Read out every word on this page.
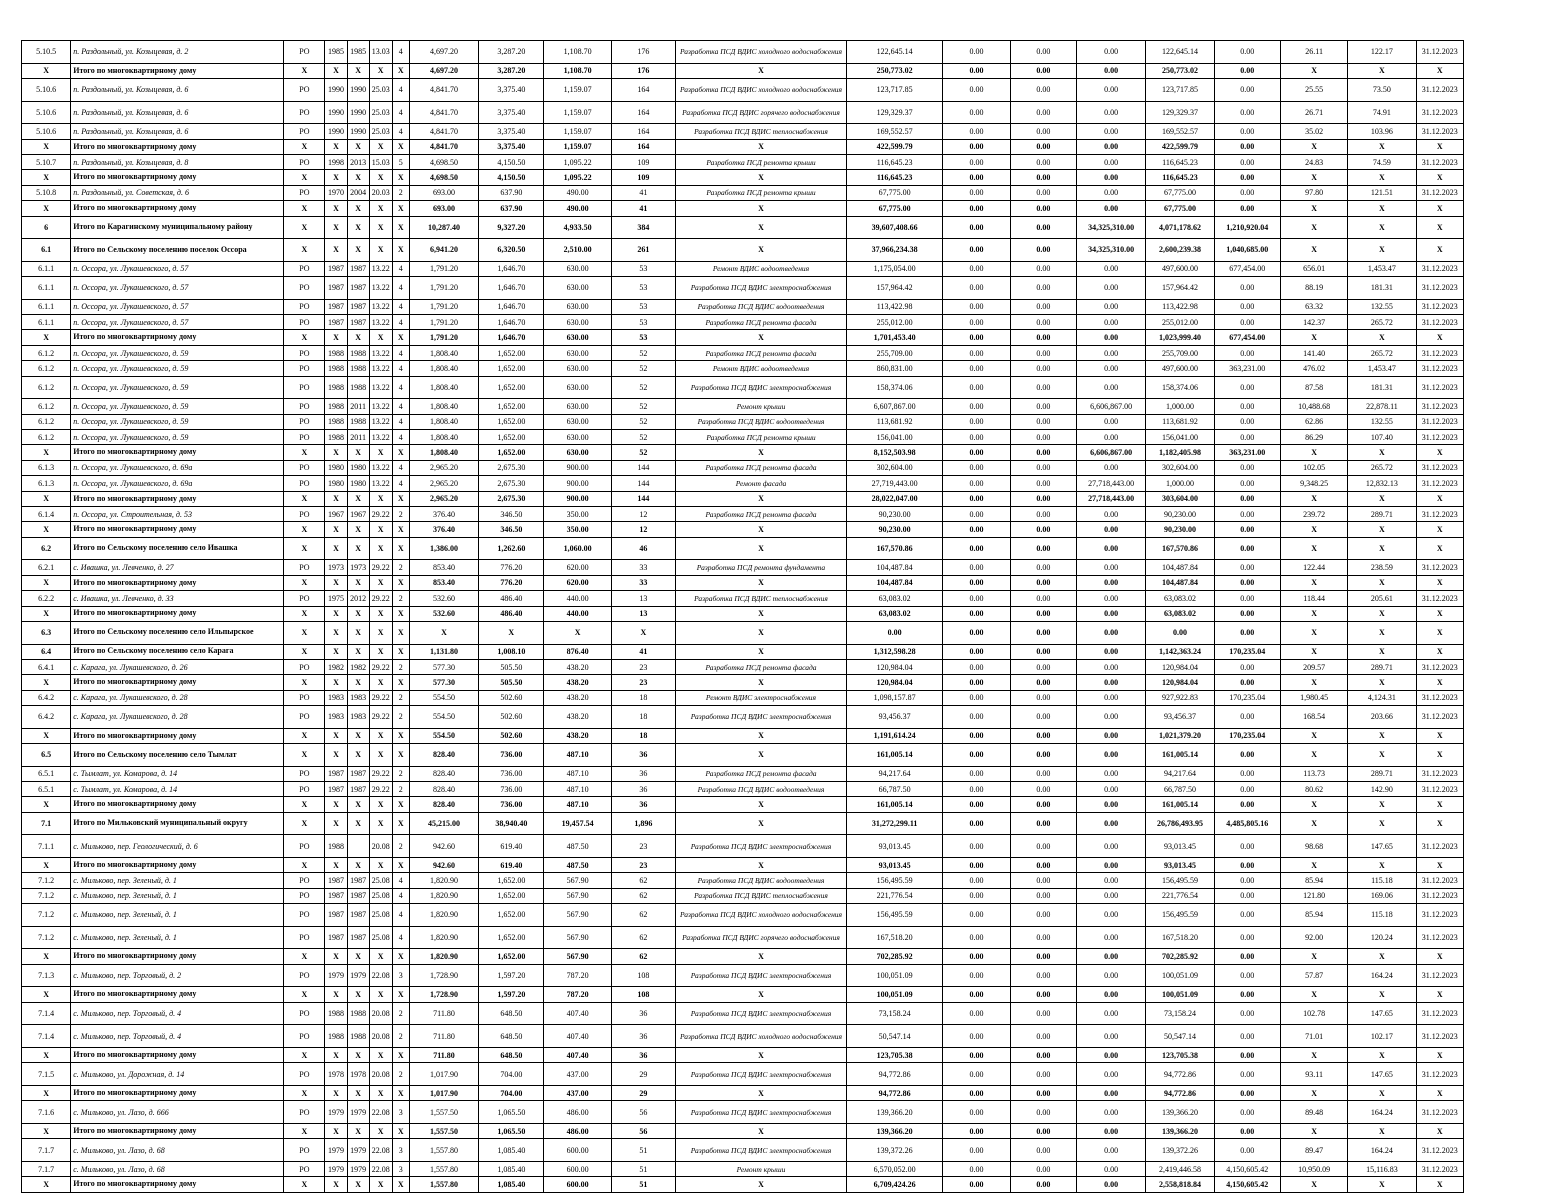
5.10.5	п. Раздольный, ул. Козыцевая, д. 2	РО	1985	1985	13.03	4	4,697.20	3,287.20	1,108.70	176	Разработка ПСД ВДИС холодного водоснабжения	122,645.14	0.00	0.00	0.00	122,645.14	0.00	26.11	122.17	31.12.2023
X	Итого по многоквартирному дому	X	X	X	X	X	4,697.20	3,287.20	1,108.70	176	X	250,773.02	0.00	0.00	0.00	250,773.02	0.00	X	X	X
5.10.6	п. Раздольный, ул. Козыцевая, д. 6	РО	1990	1990	25.03	4	4,841.70	3,375.40	1,159.07	164	Разработка ПСД ВДИС холодного водоснабжения	123,717.85	0.00	0.00	0.00	123,717.85	0.00	25.55	73.50	31.12.2023
5.10.6	п. Раздольный, ул. Козыцевая, д. 6	РО	1990	1990	25.03	4	4,841.70	3,375.40	1,159.07	164	Разработка ПСД ВДИС горячего водоснабжения	129,329.37	0.00	0.00	0.00	129,329.37	0.00	26.71	74.91	31.12.2023
5.10.6	п. Раздольный, ул. Козыцевая, д. 6	РО	1990	1990	25.03	4	4,841.70	3,375.40	1,159.07	164	Разработка ПСД ВДИС теплоснабжения	169,552.57	0.00	0.00	0.00	169,552.57	0.00	35.02	103.96	31.12.2023
X	Итого по многоквартирному дому	X	X	X	X	X	4,841.70	3,375.40	1,159.07	164	X	422,599.79	0.00	0.00	0.00	422,599.79	0.00	X	X	X
5.10.7	п. Раздольный, ул. Козыцевая, д. 8	РО	1998	2013	15.03	5	4,698.50	4,150.50	1,095.22	109	Разработка ПСД ремонта крыши	116,645.23	0.00	0.00	0.00	116,645.23	0.00	24.83	74.59	31.12.2023
X	Итого по многоквартирному дому	X	X	X	X	X	4,698.50	4,150.50	1,095.22	109	X	116,645.23	0.00	0.00	0.00	116,645.23	0.00	X	X	X
5.10.8	п. Раздольный, ул. Советская, д. 6	РО	1970	2004	20.03	2	693.00	637.90	490.00	41	Разработка ПСД ремонта крыши	67,775.00	0.00	0.00	0.00	67,775.00	0.00	97.80	121.51	31.12.2023
X	Итого по многоквартирному дому	X	X	X	X	X	693.00	637.90	490.00	41	X	67,775.00	0.00	0.00	0.00	67,775.00	0.00	X	X	X
6	Итого по Карагинскому муниципальному району	X	X	X	X	X	10,287.40	9,327.20	4,933.50	384	X	39,607,408.66	0.00	0.00	34,325,310.00	4,071,178.62	1,210,920.04	X	X	X
6.1	Итого по Сельскому поселению поселок Оссора	X	X	X	X	X	6,941.20	6,320.50	2,510.00	261	X	37,966,234.38	0.00	0.00	34,325,310.00	2,600,239.38	1,040,685.00	X	X	X
6.1.1	п. Оссора, ул. Лукашевского, д. 57	РО	1987	1987	13.22	4	1,791.20	1,646.70	630.00	53	Ремонт ВДИС водоотведения	1,175,054.00	0.00	0.00	0.00	497,600.00	677,454.00	656.01	1,453.47	31.12.2023
6.1.1	п. Оссора, ул. Лукашевского, д. 57	РО	1987	1987	13.22	4	1,791.20	1,646.70	630.00	53	Разработка ПСД ВДИС электроснабжения	157,964.42	0.00	0.00	0.00	157,964.42	0.00	88.19	181.31	31.12.2023
6.1.1	п. Оссора, ул. Лукашевского, д. 57	РО	1987	1987	13.22	4	1,791.20	1,646.70	630.00	53	Разработка ПСД ВДИС водоотведения	113,422.98	0.00	0.00	0.00	113,422.98	0.00	63.32	132.55	31.12.2023
6.1.1	п. Оссора, ул. Лукашевского, д. 57	РО	1987	1987	13.22	4	1,791.20	1,646.70	630.00	53	Разработка ПСД ремонта фасада	255,012.00	0.00	0.00	0.00	255,012.00	0.00	142.37	265.72	31.12.2023
X	Итого по многоквартирному дому	X	X	X	X	X	1,791.20	1,646.70	630.00	53	X	1,701,453.40	0.00	0.00	0.00	1,023,999.40	677,454.00	X	X	X
6.1.2	п. Оссора, ул. Лукашевского, д. 59	РО	1988	1988	13.22	4	1,808.40	1,652.00	630.00	52	Разработка ПСД ремонта фасада	255,709.00	0.00	0.00	0.00	255,709.00	0.00	141.40	265.72	31.12.2023
6.1.2	п. Оссора, ул. Лукашевского, д. 59	РО	1988	1988	13.22	4	1,808.40	1,652.00	630.00	52	Ремонт ВДИС водоотведения	860,831.00	0.00	0.00	0.00	497,600.00	363,231.00	476.02	1,453.47	31.12.2023
6.1.2	п. Оссора, ул. Лукашевского, д. 59	РО	1988	1988	13.22	4	1,808.40	1,652.00	630.00	52	Разработка ПСД ВДИС электроснабжения	158,374.06	0.00	0.00	0.00	158,374.06	0.00	87.58	181.31	31.12.2023
6.1.2	п. Оссора, ул. Лукашевского, д. 59	РО	1988	2011	13.22	4	1,808.40	1,652.00	630.00	52	Ремонт крыши	6,607,867.00	0.00	0.00	6,606,867.00	1,000.00	0.00	10,488.68	22,878.11	31.12.2023
6.1.2	п. Оссора, ул. Лукашевского, д. 59	РО	1988	1988	13.22	4	1,808.40	1,652.00	630.00	52	Разработка ПСД ВДИС водоотведения	113,681.92	0.00	0.00	0.00	113,681.92	0.00	62.86	132.55	31.12.2023
6.1.2	п. Оссора, ул. Лукашевского, д. 59	РО	1988	2011	13.22	4	1,808.40	1,652.00	630.00	52	Разработка ПСД ремонта крыши	156,041.00	0.00	0.00	0.00	156,041.00	0.00	86.29	107.40	31.12.2023
X	Итого по многоквартирному дому	X	X	X	X	X	1,808.40	1,652.00	630.00	52	X	8,152,503.98	0.00	0.00	6,606,867.00	1,182,405.98	363,231.00	X	X	X
6.1.3	п. Оссора, ул. Лукашевского, д. 69а	РО	1980	1980	13.22	4	2,965.20	2,675.30	900.00	144	Разработка ПСД ремонта фасада	302,604.00	0.00	0.00	0.00	302,604.00	0.00	102.05	265.72	31.12.2023
6.1.3	п. Оссора, ул. Лукашевского, д. 69а	РО	1980	1980	13.22	4	2,965.20	2,675.30	900.00	144	Ремонт фасада	27,719,443.00	0.00	0.00	27,718,443.00	1,000.00	0.00	9,348.25	12,832.13	31.12.2023
X	Итого по многоквартирному дому	X	X	X	X	X	2,965.20	2,675.30	900.00	144	X	28,022,047.00	0.00	0.00	27,718,443.00	303,604.00	0.00	X	X	X
6.1.4	п. Оссора, ул. Строительная, д. 53	РО	1967	1967	29.22	2	376.40	346.50	350.00	12	Разработка ПСД ремонта фасада	90,230.00	0.00	0.00	0.00	90,230.00	0.00	239.72	289.71	31.12.2023
X	Итого по многоквартирному дому	X	X	X	X	X	376.40	346.50	350.00	12	X	90,230.00	0.00	0.00	0.00	90,230.00	0.00	X	X	X
6.2	Итого по Сельскому поселению село Ивашка	X	X	X	X	X	1,386.00	1,262.60	1,060.00	46	X	167,570.86	0.00	0.00	0.00	167,570.86	0.00	X	X	X
6.2.1	с. Ивашка, ул. Левченко, д. 27	РО	1973	1973	29.22	2	853.40	776.20	620.00	33	Разработка ПСД ремонта фундамента	104,487.84	0.00	0.00	0.00	104,487.84	0.00	122.44	238.59	31.12.2023
X	Итого по многоквартирному дому	X	X	X	X	X	853.40	776.20	620.00	33	X	104,487.84	0.00	0.00	0.00	104,487.84	0.00	X	X	X
6.2.2	с. Ивашка, ул. Левченко, д. 33	РО	1975	2012	29.22	2	532.60	486.40	440.00	13	Разработка ПСД ВДИС теплоснабжения	63,083.02	0.00	0.00	0.00	63,083.02	0.00	118.44	205.61	31.12.2023
X	Итого по многоквартирному дому	X	X	X	X	X	532.60	486.40	440.00	13	X	63,083.02	0.00	0.00	0.00	63,083.02	0.00	X	X	X
6.3	Итого по Сельскому поселению село Ильпырское	X	X	X	X	X	X	X	X	X	X	0.00	0.00	0.00	0.00	0.00	0.00	X	X	X
6.4	Итого по Сельскому поселению село Карага	X	X	X	X	X	1,131.80	1,008.10	876.40	41	X	1,312,598.28	0.00	0.00	0.00	1,142,363.24	170,235.04	X	X	X
6.4.1	с. Карага, ул. Лукашевского, д. 26	РО	1982	1982	29.22	2	577.30	505.50	438.20	23	Разработка ПСД ремонта фасада	120,984.04	0.00	0.00	0.00	120,984.04	0.00	209.57	289.71	31.12.2023
X	Итого по многоквартирному дому	X	X	X	X	X	577.30	505.50	438.20	23	X	120,984.04	0.00	0.00	0.00	120,984.04	0.00	X	X	X
6.4.2	с. Карага, ул. Лукашевского, д. 28	РО	1983	1983	29.22	2	554.50	502.60	438.20	18	Ремонт ВДИС электроснабжения	1,098,157.87	0.00	0.00	0.00	927,922.83	170,235.04	1,980.45	4,124.31	31.12.2023
6.4.2	с. Карага, ул. Лукашевского, д. 28	РО	1983	1983	29.22	2	554.50	502.60	438.20	18	Разработка ПСД ВДИС электроснабжения	93,456.37	0.00	0.00	0.00	93,456.37	0.00	168.54	203.66	31.12.2023
X	Итого по многоквартирному дому	X	X	X	X	X	554.50	502.60	438.20	18	X	1,191,614.24	0.00	0.00	0.00	1,021,379.20	170,235.04	X	X	X
6.5	Итого по Сельскому поселению село Тымлат	X	X	X	X	X	828.40	736.00	487.10	36	X	161,005.14	0.00	0.00	0.00	161,005.14	0.00	X	X	X
6.5.1	с. Тымлат, ул. Комарова, д. 14	РО	1987	1987	29.22	2	828.40	736.00	487.10	36	Разработка ПСД ремонта фасада	94,217.64	0.00	0.00	0.00	94,217.64	0.00	113.73	289.71	31.12.2023
6.5.1	с. Тымлат, ул. Комарова, д. 14	РО	1987	1987	29.22	2	828.40	736.00	487.10	36	Разработка ПСД ВДИС водоотведения	66,787.50	0.00	0.00	0.00	66,787.50	0.00	80.62	142.90	31.12.2023
X	Итого по многоквартирному дому	X	X	X	X	X	828.40	736.00	487.10	36	X	161,005.14	0.00	0.00	0.00	161,005.14	0.00	X	X	X
7.1	Итого по Мильковский муниципальный округу	X	X	X	X	X	45,215.00	38,940.40	19,457.54	1,896	X	31,272,299.11	0.00	0.00	0.00	26,786,493.95	4,485,805.16	X	X	X
7.1.1	с. Мильково, пер. Геологический, д. 6	РО	1988		20.08	2	942.60	619.40	487.50	23	Разработка ПСД ВДИС электроснабжения	93,013.45	0.00	0.00	0.00	93,013.45	0.00	98.68	147.65	31.12.2023
X	Итого по многоквартирному дому	X	X	X	X	X	942.60	619.40	487.50	23	X	93,013.45	0.00	0.00	0.00	93,013.45	0.00	X	X	X
7.1.2	с. Мильково, пер. Зеленый, д. 1	РО	1987	1987	25.08	4	1,820.90	1,652.00	567.90	62	Разработка ПСД ВДИС водоотведения	156,495.59	0.00	0.00	0.00	156,495.59	0.00	85.94	115.18	31.12.2023
7.1.2	с. Мильково, пер. Зеленый, д. 1	РО	1987	1987	25.08	4	1,820.90	1,652.00	567.90	62	Разработка ПСД ВДИС теплоснабжения	221,776.54	0.00	0.00	0.00	221,776.54	0.00	121.80	169.06	31.12.2023
7.1.2	с. Мильково, пер. Зеленый, д. 1	РО	1987	1987	25.08	4	1,820.90	1,652.00	567.90	62	Разработка ПСД ВДИС холодного водоснабжения	156,495.59	0.00	0.00	0.00	156,495.59	0.00	85.94	115.18	31.12.2023
7.1.2	с. Мильково, пер. Зеленый, д. 1	РО	1987	1987	25.08	4	1,820.90	1,652.00	567.90	62	Разработка ПСД ВДИС горячего водоснабжения	167,518.20	0.00	0.00	0.00	167,518.20	0.00	92.00	120.24	31.12.2023
X	Итого по многоквартирному дому	X	X	X	X	X	1,820.90	1,652.00	567.90	62	X	702,285.92	0.00	0.00	0.00	702,285.92	0.00	X	X	X
7.1.3	с. Мильково, пер. Торговый, д. 2	РО	1979	1979	22.08	3	1,728.90	1,597.20	787.20	108	Разработка ПСД ВДИС электроснабжения	100,051.09	0.00	0.00	0.00	100,051.09	0.00	57.87	164.24	31.12.2023
X	Итого по многоквартирному дому	X	X	X	X	X	1,728.90	1,597.20	787.20	108	X	100,051.09	0.00	0.00	0.00	100,051.09	0.00	X	X	X
7.1.4	с. Мильково, пер. Торговый, д. 4	РО	1988	1988	20.08	2	711.80	648.50	407.40	36	Разработка ПСД ВДИС электроснабжения	73,158.24	0.00	0.00	0.00	73,158.24	0.00	102.78	147.65	31.12.2023
7.1.4	с. Мильково, пер. Торговый, д. 4	РО	1988	1988	20.08	2	711.80	648.50	407.40	36	Разработка ПСД ВДИС холодного водоснабжения	50,547.14	0.00	0.00	0.00	50,547.14	0.00	71.01	102.17	31.12.2023
X	Итого по многоквартирному дому	X	X	X	X	X	711.80	648.50	407.40	36	X	123,705.38	0.00	0.00	0.00	123,705.38	0.00	X	X	X
7.1.5	с. Мильково, ул. Дорожная, д. 14	РО	1978	1978	20.08	2	1,017.90	704.00	437.00	29	Разработка ПСД ВДИС электроснабжения	94,772.86	0.00	0.00	0.00	94,772.86	0.00	93.11	147.65	31.12.2023
X	Итого по многоквартирному дому	X	X	X	X	X	1,017.90	704.00	437.00	29	X	94,772.86	0.00	0.00	0.00	94,772.86	0.00	X	X	X
7.1.6	с. Мильково, ул. Лазо, д. 666	РО	1979	1979	22.08	3	1,557.50	1,065.50	486.00	56	Разработка ПСД ВДИС электроснабжения	139,366.20	0.00	0.00	0.00	139,366.20	0.00	89.48	164.24	31.12.2023
X	Итого по многоквартирному дому	X	X	X	X	X	1,557.50	1,065.50	486.00	56	X	139,366.20	0.00	0.00	0.00	139,366.20	0.00	X	X	X
7.1.7	с. Мильково, ул. Лазо, д. 68	РО	1979	1979	22.08	3	1,557.80	1,085.40	600.00	51	Разработка ПСД ВДИС электроснабжения	139,372.26	0.00	0.00	0.00	139,372.26	0.00	89.47	164.24	31.12.2023
7.1.7	с. Мильково, ул. Лазо, д. 68	РО	1979	1979	22.08	3	1,557.80	1,085.40	600.00	51	Ремонт крыши	6,570,052.00	0.00	0.00	0.00	2,419,446.58	4,150,605.42	10,950.09	15,116.83	31.12.2023
X	Итого по многоквартирному дому	X	X	X	X	X	1,557.80	1,085.40	600.00	51	X	6,709,424.26	0.00	0.00	0.00	2,558,818.84	4,150,605.42	X	X	X
